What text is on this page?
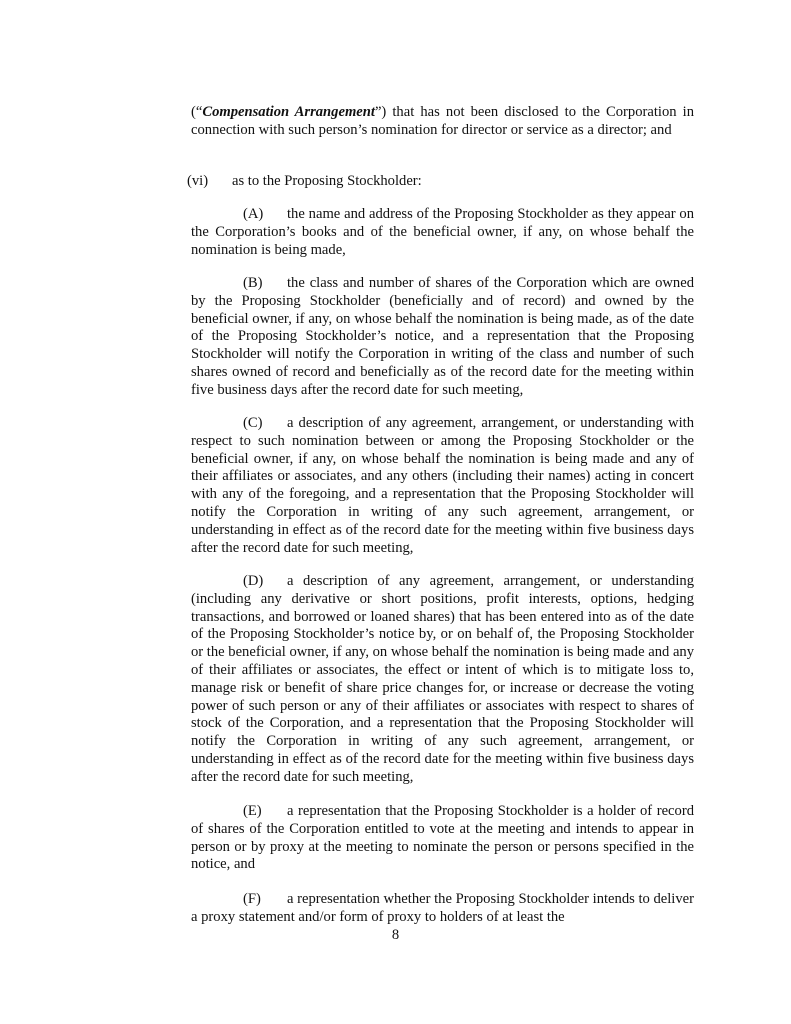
(“Compensation Arrangement”) that has not been disclosed to the Corporation in connection with such person’s nomination for director or service as a director; and

(vi) as to the Proposing Stockholder:

(A) the name and address of the Proposing Stockholder as they appear on the Corporation’s books and of the beneficial owner, if any, on whose behalf the nomination is being made,

(B) the class and number of shares of the Corporation which are owned by the Proposing Stockholder (beneficially and of record) and owned by the beneficial owner, if any, on whose behalf the nomination is being made, as of the date of the Proposing Stockholder’s notice, and a representation that the Proposing Stockholder will notify the Corporation in writing of the class and number of such shares owned of record and beneficially as of the record date for the meeting within five business days after the record date for such meeting,

(C) a description of any agreement, arrangement, or understanding with respect to such nomination between or among the Proposing Stockholder or the beneficial owner, if any, on whose behalf the nomination is being made and any of their affiliates or associates, and any others (including their names) acting in concert with any of the foregoing, and a representation that the Proposing Stockholder will notify the Corporation in writing of any such agreement, arrangement, or understanding in effect as of the record date for the meeting within five business days after the record date for such meeting,

(D) a description of any agreement, arrangement, or understanding (including any derivative or short positions, profit interests, options, hedging transactions, and borrowed or loaned shares) that has been entered into as of the date of the Proposing Stockholder’s notice by, or on behalf of, the Proposing Stockholder or the beneficial owner, if any, on whose behalf the nomination is being made and any of their affiliates or associates, the effect or intent of which is to mitigate loss to, manage risk or benefit of share price changes for, or increase or decrease the voting power of such person or any of their affiliates or associates with respect to shares of stock of the Corporation, and a representation that the Proposing Stockholder will notify the Corporation in writing of any such agreement, arrangement, or understanding in effect as of the record date for the meeting within five business days after the record date for such meeting,

(E) a representation that the Proposing Stockholder is a holder of record of shares of the Corporation entitled to vote at the meeting and intends to appear in person or by proxy at the meeting to nominate the person or persons specified in the notice, and

(F) a representation whether the Proposing Stockholder intends to deliver a proxy statement and/or form of proxy to holders of at least the

8
